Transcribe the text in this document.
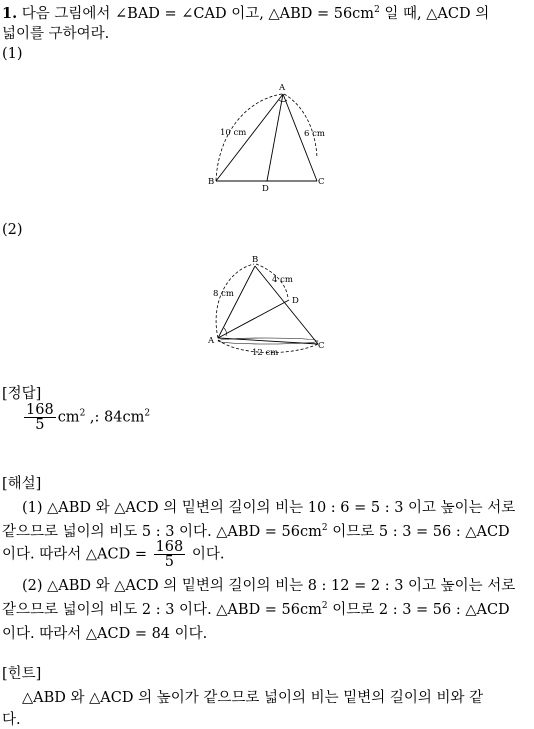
1. 다음 그림에서 ∠BAD = ∠CAD 이고, △ABD = $56cm^2$ 일 때, △ACD 의
넓이를 구하여라.
(1)
A
B	C
D
10 cm	6 cm
(2)
A
B
C
D
8 cm
4 cm
12 cm
[정답]
$\frac{168}{5} cm^2$ ,: $84cm^2$
[해설]
(1) △ABD 와 △ACD 의 밑변의 길이의 비는 10 : 6 = 5 : 3 이고 높이는 서로
같으므로 넓이의 비도 5 : 3 이다. △ABD = $56cm^2$ 이므로 5 : 3 = 56 : △ACD
이다. 따라서 △ACD = $\frac{168}{5}$ 이다.
(2) △ABD 와 △ACD 의 밑변의 길이의 비는 8 : 12 = 2 : 3 이고 높이는 서로
같으므로 넓이의 비도 2 : 3 이다. △ABD = $56cm^2$ 이므로 2 : 3 = 56 : △ACD
이다. 따라서 △ACD = 84 이다.
[힌트]
△ABD 와 △ACD 의 높이가 같으므로 넓이의 비는 밑변의 길이의 비와 같
다.
